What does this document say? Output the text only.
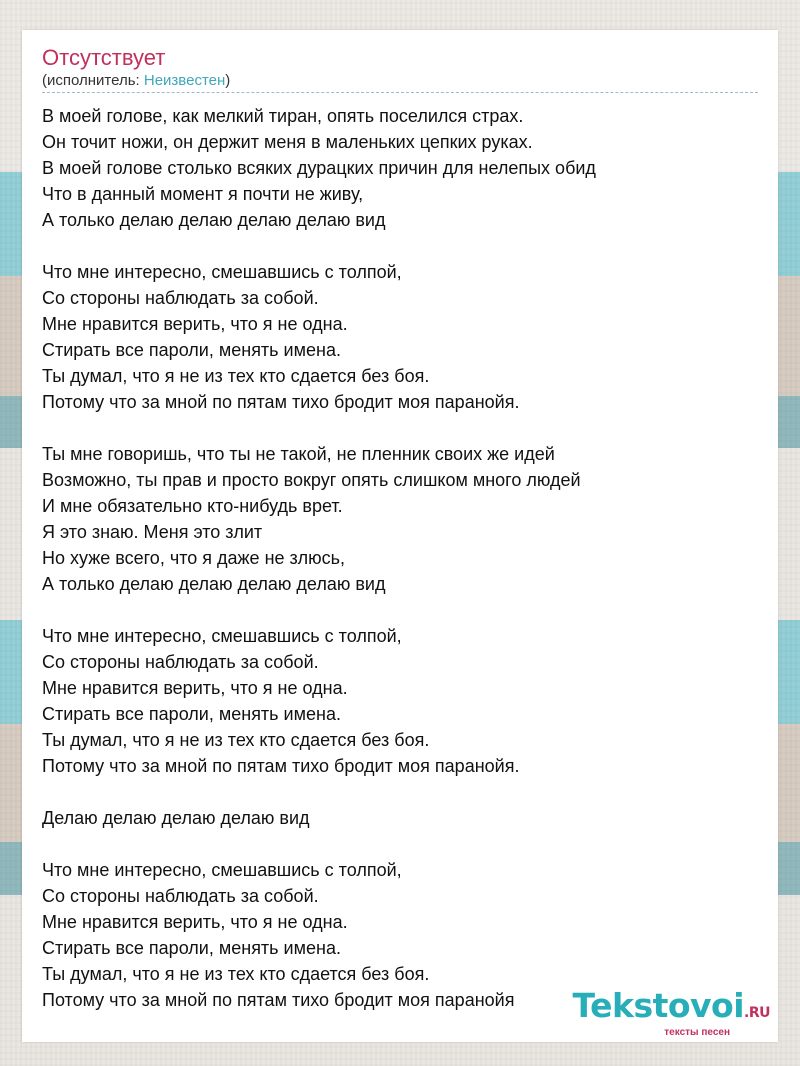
Отсутствует
(исполнитель: Неизвестен)
В моей голове, как мелкий тиран, опять поселился страх.
Он точит ножи, он держит меня в маленьких цепких руках.
В моей голове столько всяких дурацких причин для нелепых обид
Что в данный момент я почти не живу,
А только делаю делаю делаю делаю вид
Что мне интересно, смешавшись с толпой,
Со стороны наблюдать за собой.
Мне нравится верить, что я не одна.
Стирать все пароли, менять имена.
Ты думал, что я не из тех кто сдается без боя.
Потому что за мной по пятам тихо бродит моя паранойя.
Ты мне говоришь, что ты не такой, не пленник своих же идей
Возможно, ты прав и просто вокруг опять слишком много людей
И мне обязательно кто-нибудь врет.
Я это знаю. Меня это злит
Но хуже всего, что я даже не злюсь,
А только делаю делаю делаю делаю вид
Что мне интересно, смешавшись с толпой,
Со стороны наблюдать за собой.
Мне нравится верить, что я не одна.
Стирать все пароли, менять имена.
Ты думал, что я не из тех кто сдается без боя.
Потому что за мной по пятам тихо бродит моя паранойя.
Делаю делаю делаю делаю вид
Что мне интересно, смешавшись с толпой,
Со стороны наблюдать за собой.
Мне нравится верить, что я не одна.
Стирать все пароли, менять имена.
Ты думал, что я не из тех кто сдается без боя.
Потому что за мной по пятам тихо бродит моя паранойя	Tekstovoi.RU
тексты песен
